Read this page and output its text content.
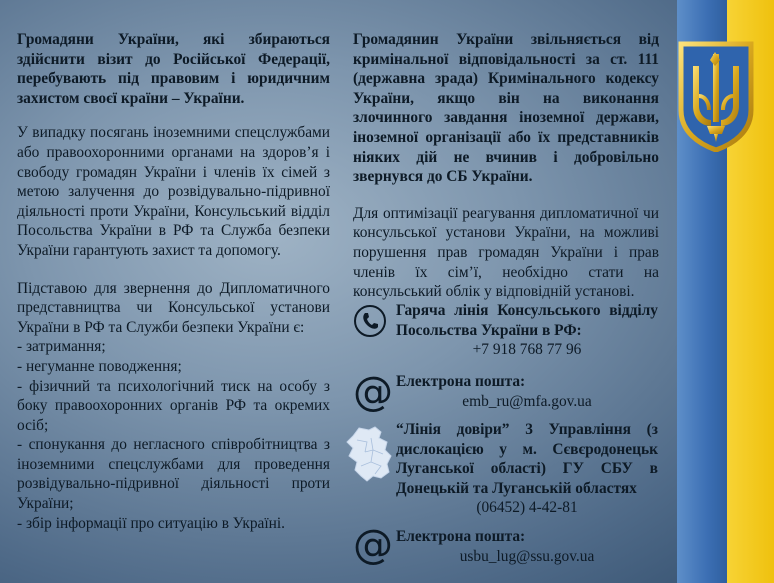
Громадяни України, які збираються здійснити візит до Російської Федерації, перебувають під правовим і юридичним захистом своєї країни – України.

У випадку посягань іноземними спецслужбами або правоохоронними органами на здоров’я і свободу громадян України і членів їх сімей з метою залучення до розвідувально-підривної діяльності проти України, Консульський відділ Посольства України в РФ та Служба безпеки України гарантують захист та допомогу.

Підставою для звернення до Дипломатичного представництва чи Консульської установи України в РФ та Служби безпеки України є:

- затримання;
- негуманне поводження;

- фізичний та психологічний тиск на особу з боку правоохоронних органів РФ та окремих осіб;

- спонукання до негласного співробітництва з іноземними спецслужбами для проведення розвідувально-підривної діяльності проти України;

- збір інформації про ситуацію в Україні.

Громадянин України звільняється від кримінальної відповідальності за ст. 111 (державна зрада) Кримінального кодексу України, якщо він на виконання злочинного завдання іноземної держави, іноземної організації або їх представників ніяких дій не вчинив і добровільно звернувся до СБ України.

Для оптимізації реагування дипломатичної чи консульської установи України, на можливі порушення прав громадян України і прав членів їх сім’ї, необхідно стати на консульський облік у відповідній установі.

Гаряча лінія Консульського відділу Посольства України в РФ:
+7 918 768 77 96
@ Електрона пошта:
emb_ru@mfa.gov.ua
“Лінія довіри” 3 Управління (з дислокацією у м. Сєвєродонецьк Луганської області) ГУ СБУ в Донецькій та Луганській областях
(06452) 4-42-81
@ Електрона пошта:
usbu_lug@ssu.gov.ua
